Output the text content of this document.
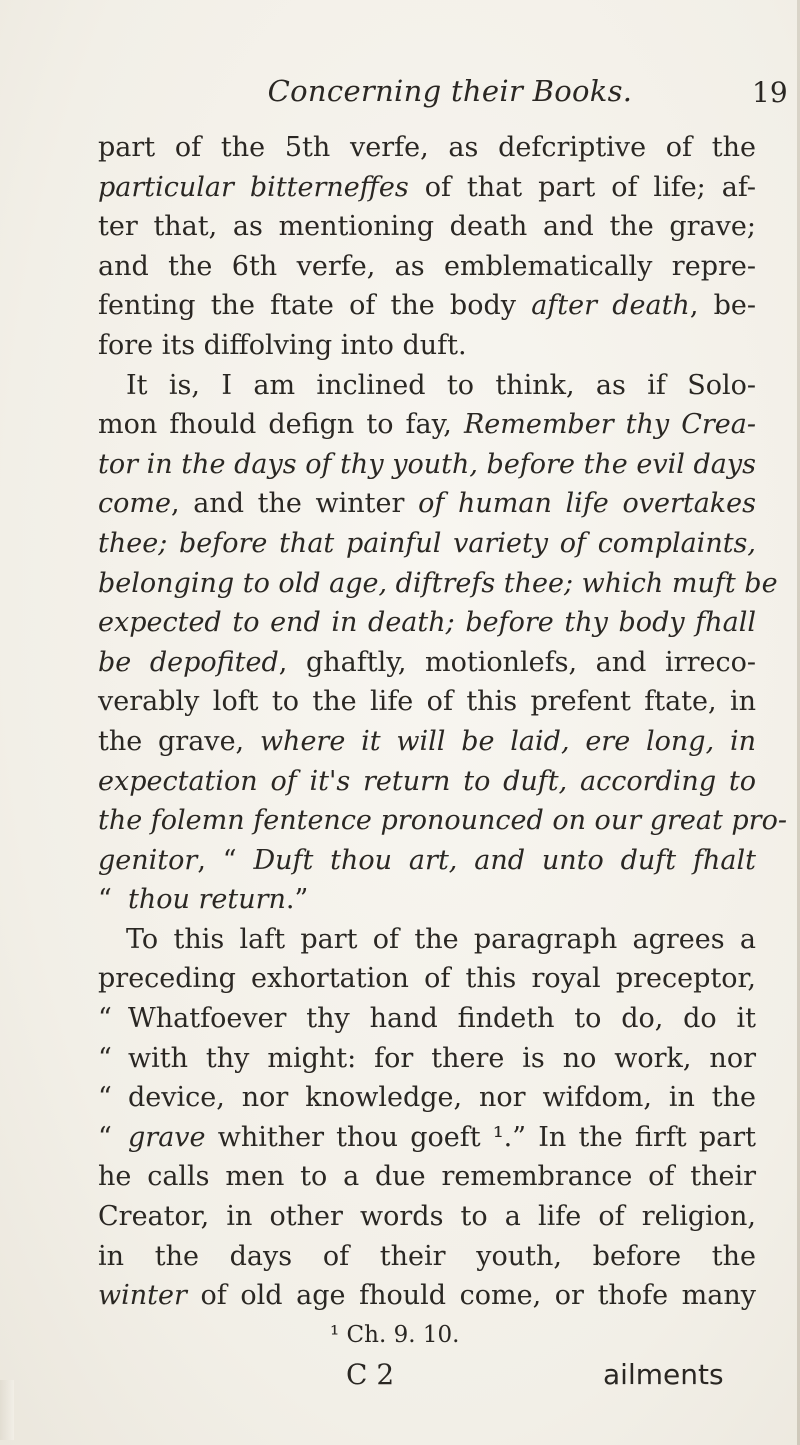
Concerning their Books.	19
part of the 5th verfe, as defcriptive of the
particular bitterneffes of that part of life; af-
ter that, as mentioning death and the grave;
and the 6th verfe, as emblematically repre-
fenting the ftate of the body after death, be-
fore its diffolving into duft.
It is, I am inclined to think, as if Solo-
mon fhould defign to fay, Remember thy Crea-
tor in the days of thy youth, before the evil days
come, and the winter of human life overtakes
thee; before that painful variety of complaints,
belonging to old age, diftrefs thee; which muft be
expected to end in death; before thy body fhall
be depofited, ghaftly, motionlefs, and irreco-
verably loft to the life of this prefent ftate, in
the grave, where it will be laid, ere long, in
expectation of it's return to duft, according to
the folemn fentence pronounced on our great pro-
genitor, “ Duft thou art, and unto duft fhalt
“ thou return.”
To this laft part of the paragraph agrees a
preceding exhortation of this royal preceptor,
“ Whatfoever thy hand findeth to do, do it
“ with thy might: for there is no work, nor
“ device, nor knowledge, nor wifdom, in the
“ grave whither thou goeft ¹.” In the firft part
he calls men to a due remembrance of their
Creator, in other words to a life of religion,
in the days of their youth, before the
winter of old age fhould come, or thofe many
¹ Ch. 9. 10.
C 2	ailments
